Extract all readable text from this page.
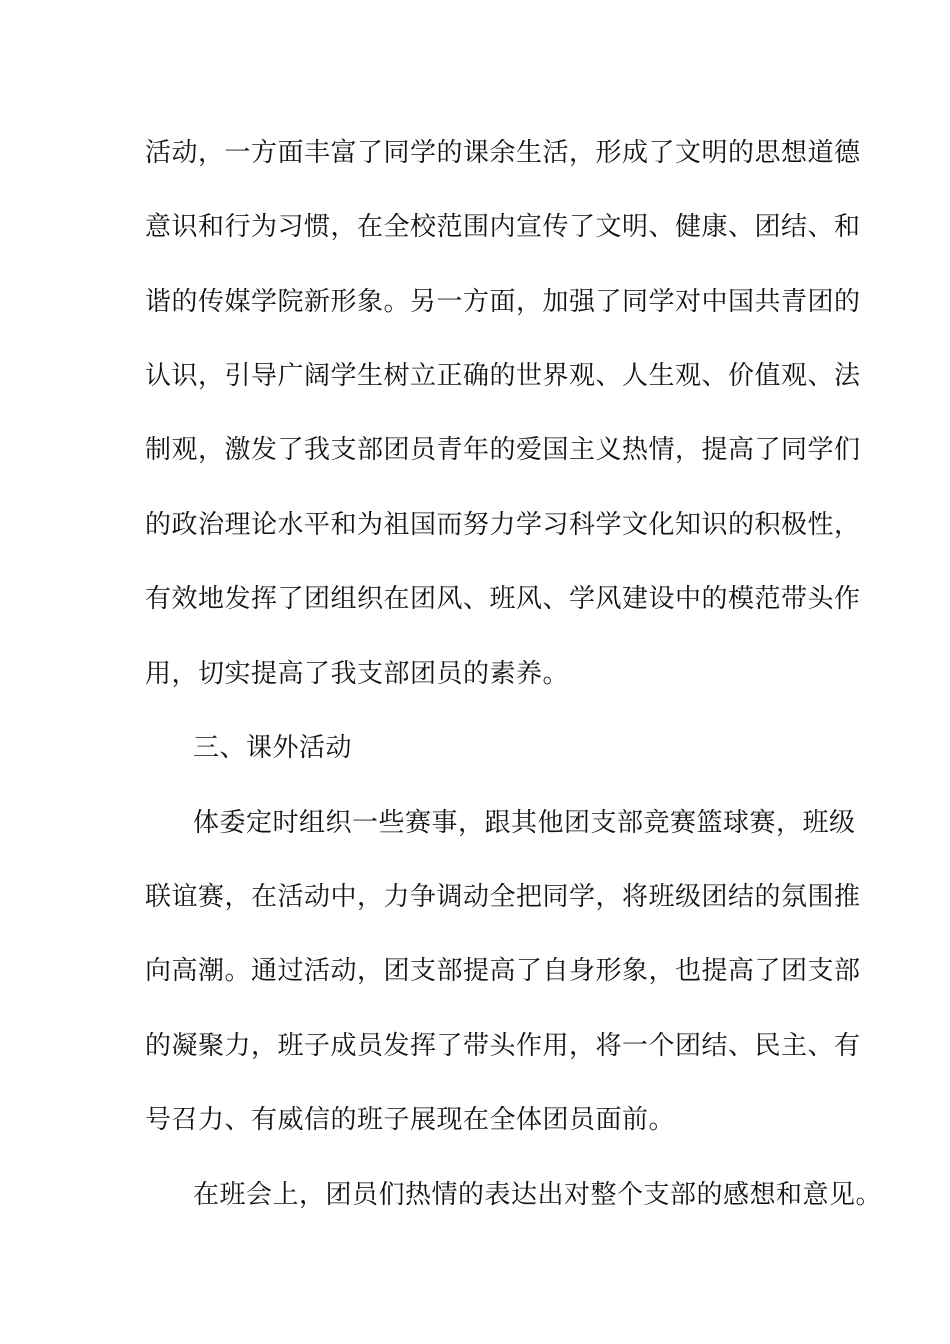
活动，一方面丰富了同学的课余生活，形成了文明的思想道德
意识和行为习惯，在全校范围内宣传了文明、健康、团结、和
谐的传媒学院新形象。另一方面，加强了同学对中国共青团的
认识，引导广阔学生树立正确的世界观、人生观、价值观、法
制观，激发了我支部团员青年的爱国主义热情，提高了同学们
的政治理论水平和为祖国而努力学习科学文化知识的积极性，
有效地发挥了团组织在团风、班风、学风建设中的模范带头作
用，切实提高了我支部团员的素养。
三、课外活动
体委定时组织一些赛事，跟其他团支部竞赛篮球赛，班级
联谊赛，在活动中，力争调动全把同学，将班级团结的氛围推
向高潮。通过活动，团支部提高了自身形象，也提高了团支部
的凝聚力，班子成员发挥了带头作用，将一个团结、民主、有
号召力、有威信的班子展现在全体团员面前。
在班会上，团员们热情的表达出对整个支部的感想和意见。
